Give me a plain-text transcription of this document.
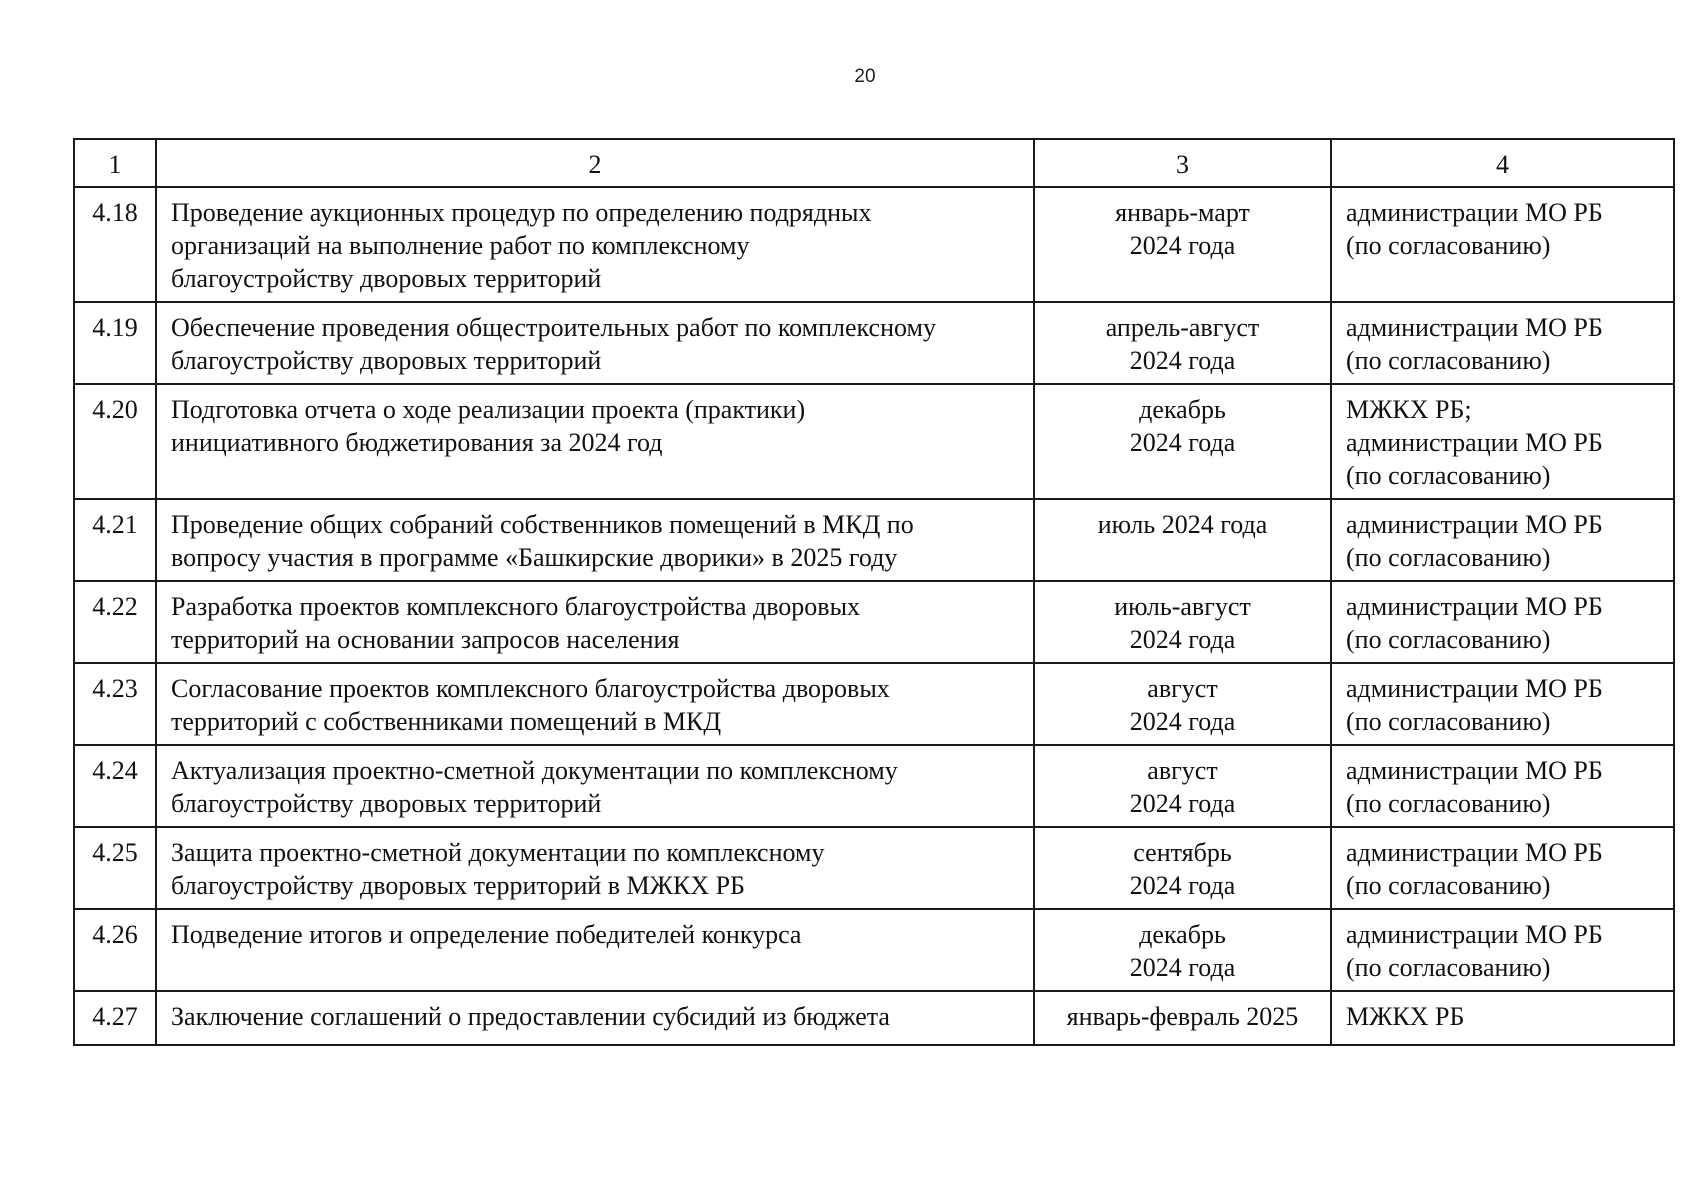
20
1	2	3	4
4.18	Проведение аукционных процедур по определению подрядных
организаций на выполнение работ по комплексному
благоустройству дворовых территорий	январь-март
2024 года	администрации МО РБ
(по согласованию)

4.19	Обеспечение проведения общестроительных работ по комплексному
благоустройству дворовых территорий	апрель-август
2024 года	администрации МО РБ
(по согласованию)

4.20	Подготовка отчета о ходе реализации проекта (практики)
инициативного бюджетирования за 2024 год	декабрь
2024 года	МЖКХ РБ;
администрации МО РБ
(по согласованию)

4.21	Проведение общих собраний собственников помещений в МКД по
вопросу участия в программе «Башкирские дворики» в 2025 году	июль 2024 года	администрации МО РБ
(по согласованию)

4.22	Разработка проектов комплексного благоустройства дворовых
территорий на основании запросов населения	июль-август
2024 года	администрации МО РБ
(по согласованию)

4.23	Согласование проектов комплексного благоустройства дворовых
территорий с собственниками помещений в МКД	август
2024 года	администрации МО РБ
(по согласованию)

4.24	Актуализация проектно-сметной документации по комплексному
благоустройству дворовых территорий	август
2024 года	администрации МО РБ
(по согласованию)

4.25	Защита проектно-сметной документации по комплексному
благоустройству дворовых территорий в МЖКХ РБ	сентябрь
2024 года	администрации МО РБ
(по согласованию)

4.26	Подведение итогов и определение победителей конкурса	декабрь
2024 года	администрации МО РБ
(по согласованию)

4.27	Заключение соглашений о предоставлении субсидий из бюджета	январь-февраль 2025	МЖКХ РБ
